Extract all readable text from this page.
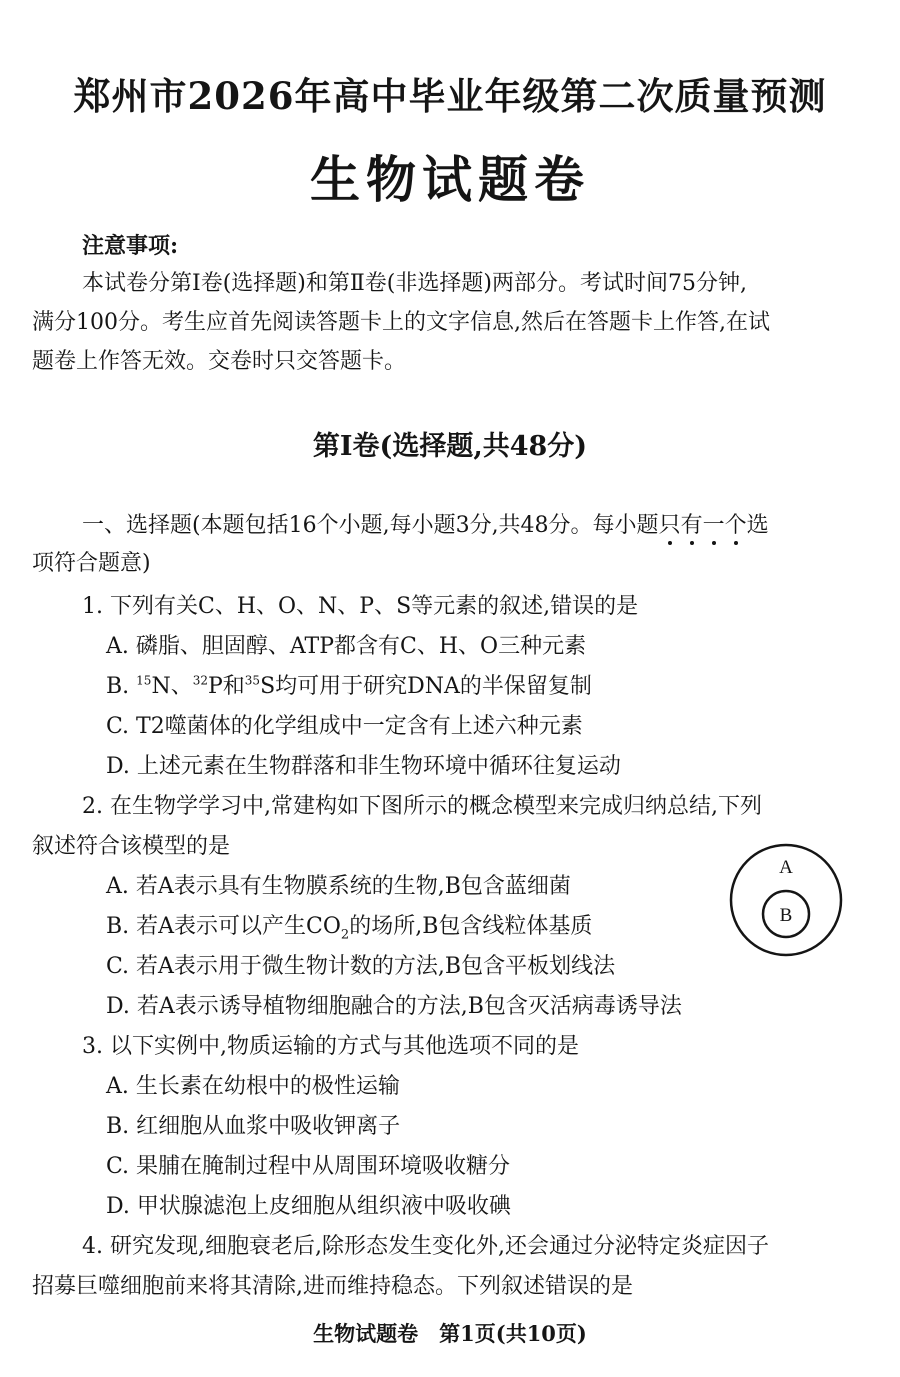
郑州市2026年高中毕业年级第二次质量预测
生物试题卷
注意事项:
本试卷分第Ⅰ卷(选择题)和第Ⅱ卷(非选择题)两部分。考试时间75分钟,
满分100分。考生应首先阅读答题卡上的文字信息,然后在答题卡上作答,在试
题卷上作答无效。交卷时只交答题卡。
第Ⅰ卷(选择题,共48分)
一、选择题(本题包括16个小题,每小题3分,共48分。每小题只有一个选
项符合题意)
1. 下列有关C、H、O、N、P、S等元素的叙述,错误的是
A. 磷脂、胆固醇、ATP都含有C、H、O三种元素
B. $^{15}$N、$^{32}$P和$^{35}$S均可用于研究DNA的半保留复制
C. T2噬菌体的化学组成中一定含有上述六种元素
D. 上述元素在生物群落和非生物环境中循环往复运动
2. 在生物学学习中,常建构如下图所示的概念模型来完成归纳总结,下列
叙述符合该模型的是
A. 若A表示具有生物膜系统的生物,B包含蓝细菌
B. 若A表示可以产生$CO_2$的场所,B包含线粒体基质
C. 若A表示用于微生物计数的方法,B包含平板划线法
D. 若A表示诱导植物细胞融合的方法,B包含灭活病毒诱导法
A
B
3. 以下实例中,物质运输的方式与其他选项不同的是
A. 生长素在幼根中的极性运输
B. 红细胞从血浆中吸收钾离子
C. 果脯在腌制过程中从周围环境吸收糖分
D. 甲状腺滤泡上皮细胞从组织液中吸收碘
4. 研究发现,细胞衰老后,除形态发生变化外,还会通过分泌特定炎症因子
招募巨噬细胞前来将其清除,进而维持稳态。下列叙述错误的是
生物试题卷　第1页(共10页)
